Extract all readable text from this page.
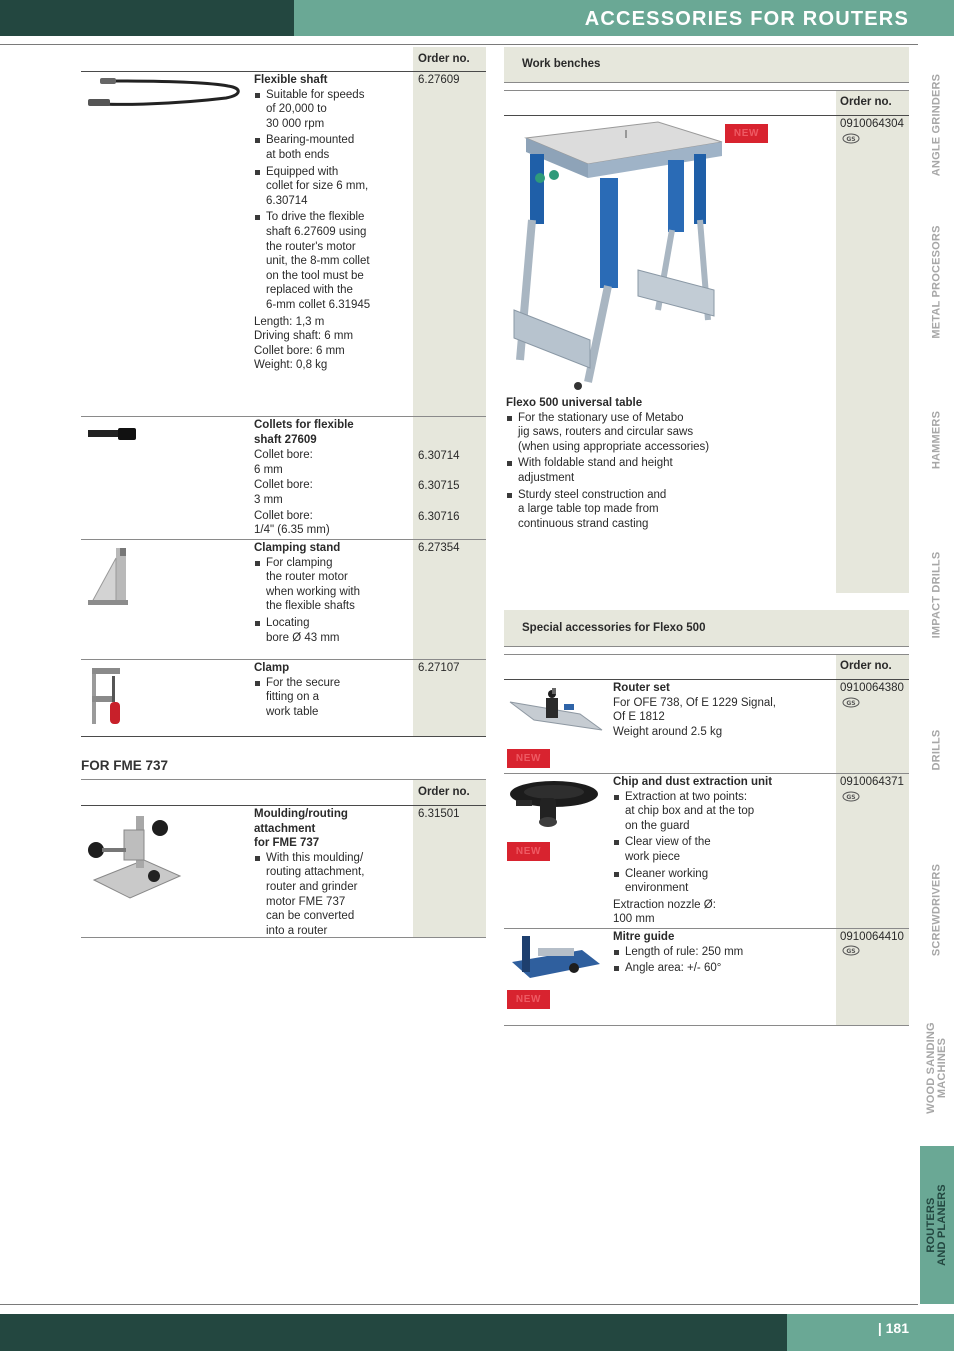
ACCESSORIES FOR ROUTERS
| 181
ANGLE GRINDERS
METAL PROCESORS
HAMMERS
IMPACT DRILLS
DRILLS
SCREWDRIVERS
WOOD SANDING MACHINES
ROUTERS AND PLANERS
Order no.
Flexible shaft
Suitable for speeds
of 20,000 to
30 000 rpm
Bearing-mounted
at both ends
Equipped with
collet for size 6 mm,
6.30714
To drive the flexible
shaft 6.27609 using
the router's motor
unit, the 8-mm collet
on the tool must be
replaced with the
6-mm collet 6.31945
Length: 1,3 m
Driving shaft: 6 mm
Collet bore: 6 mm
Weight: 0,8 kg
6.27609
Collets for flexible
shaft 27609
Collet bore:
6 mm
Collet bore:
3 mm
Collet bore:
1/4" (6.35 mm)
6.30714
6.30715
6.30716
Clamping stand
For clamping
the router motor
when working with
the flexible shafts
Locating
bore Ø 43 mm
6.27354
Clamp
For the secure
fitting on a
work table
6.27107
FOR FME 737
Order no.
Moulding/routing
attachment
for FME 737
With this moulding/
routing attachment,
router and grinder
motor FME 737
can be converted
into a router
6.31501
Work benches
Order no.
0910064304
GS
NEW
Flexo 500 universal table
For the stationary use of Metabo
jig saws, routers and circular saws
(when using appropriate accessories)
With foldable stand and height
adjustment
Sturdy steel construction and
a large table top made from
continuous strand casting
Special accessories for Flexo 500
Order no.
NEW
Router set
For OFE 738, Of E 1229 Signal,
Of E 1812
Weight around 2.5 kg
0910064380
GS
NEW
Chip and dust extraction unit
Extraction at two points:
at chip box and at the top
on the guard
Clear view of the
work piece
Cleaner working
environment
Extraction nozzle Ø:
100 mm
0910064371
GS
NEW
Mitre guide
Length of rule: 250 mm
Angle area: +/- 60°
0910064410
GS
